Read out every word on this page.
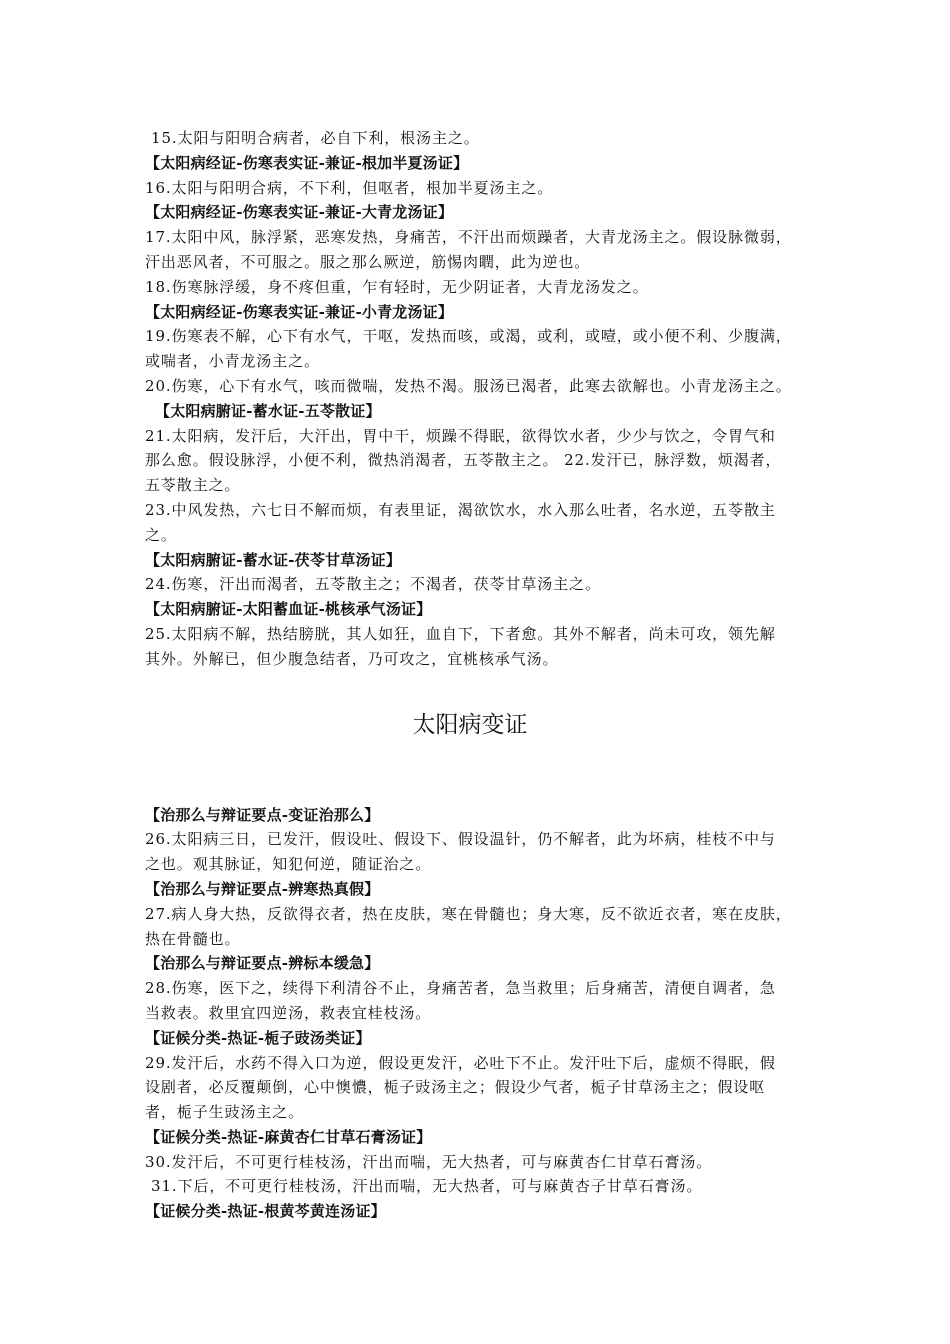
15.太阳与阳明合病者，必自下利，根汤主之。
【太阳病经证-伤寒表实证-兼证-根加半夏汤证】
16.太阳与阳明合病，不下利，但呕者，根加半夏汤主之。
【太阳病经证-伤寒表实证-兼证-大青龙汤证】
17.太阳中风，脉浮紧，恶寒发热，身痛苦，不汗出而烦躁者，大青龙汤主之。假设脉微弱，
汗出恶风者，不可服之。服之那么厥逆，筋惕肉瞤，此为逆也。
18.伤寒脉浮缓，身不疼但重，乍有轻时，无少阴证者，大青龙汤发之。
【太阳病经证-伤寒表实证-兼证-小青龙汤证】
19.伤寒表不解，心下有水气，干呕，发热而咳，或渴，或利，或噎，或小便不利、少腹满，
或喘者，小青龙汤主之。
20.伤寒，心下有水气，咳而微喘，发热不渴。服汤已渴者，此寒去欲解也。小青龙汤主之。
【太阳病腑证-蓄水证-五苓散证】
21.太阳病，发汗后，大汗出，胃中干，烦躁不得眠，欲得饮水者，少少与饮之，令胃气和
那么愈。假设脉浮，小便不利，微热消渴者，五苓散主之。 22.发汗已，脉浮数，烦渴者，
五苓散主之。
23.中风发热，六七日不解而烦，有表里证，渴欲饮水，水入那么吐者，名水逆，五苓散主
之。
【太阳病腑证-蓄水证-茯苓甘草汤证】
24.伤寒，汗出而渴者，五苓散主之；不渴者，茯苓甘草汤主之。
【太阳病腑证-太阳蓄血证-桃核承气汤证】
25.太阳病不解，热结膀胱，其人如狂，血自下，下者愈。其外不解者，尚未可攻，领先解
其外。外解已，但少腹急结者，乃可攻之，宜桃核承气汤。
太阳病变证
【治那么与辩证要点-变证治那么】
26.太阳病三日，已发汗，假设吐、假设下、假设温针，仍不解者，此为坏病，桂枝不中与
之也。观其脉证，知犯何逆，随证治之。
【治那么与辩证要点-辨寒热真假】
27.病人身大热，反欲得衣者，热在皮肤，寒在骨髓也；身大寒，反不欲近衣者，寒在皮肤，
热在骨髓也。
【治那么与辩证要点-辨标本缓急】
28.伤寒，医下之，续得下利清谷不止，身痛苦者，急当救里；后身痛苦，清便自调者，急
当救表。救里宜四逆汤，救表宜桂枝汤。
【证候分类-热证-栀子豉汤类证】
29.发汗后，水药不得入口为逆，假设更发汗，必吐下不止。发汗吐下后，虚烦不得眠，假
设剧者，必反覆颠倒，心中懊憹，栀子豉汤主之；假设少气者，栀子甘草汤主之；假设呕
者，栀子生豉汤主之。
【证候分类-热证-麻黄杏仁甘草石膏汤证】
30.发汗后，不可更行桂枝汤，汗出而喘，无大热者，可与麻黄杏仁甘草石膏汤。
31.下后，不可更行桂枝汤，汗出而喘，无大热者，可与麻黄杏子甘草石膏汤。
【证候分类-热证-根黄芩黄连汤证】
